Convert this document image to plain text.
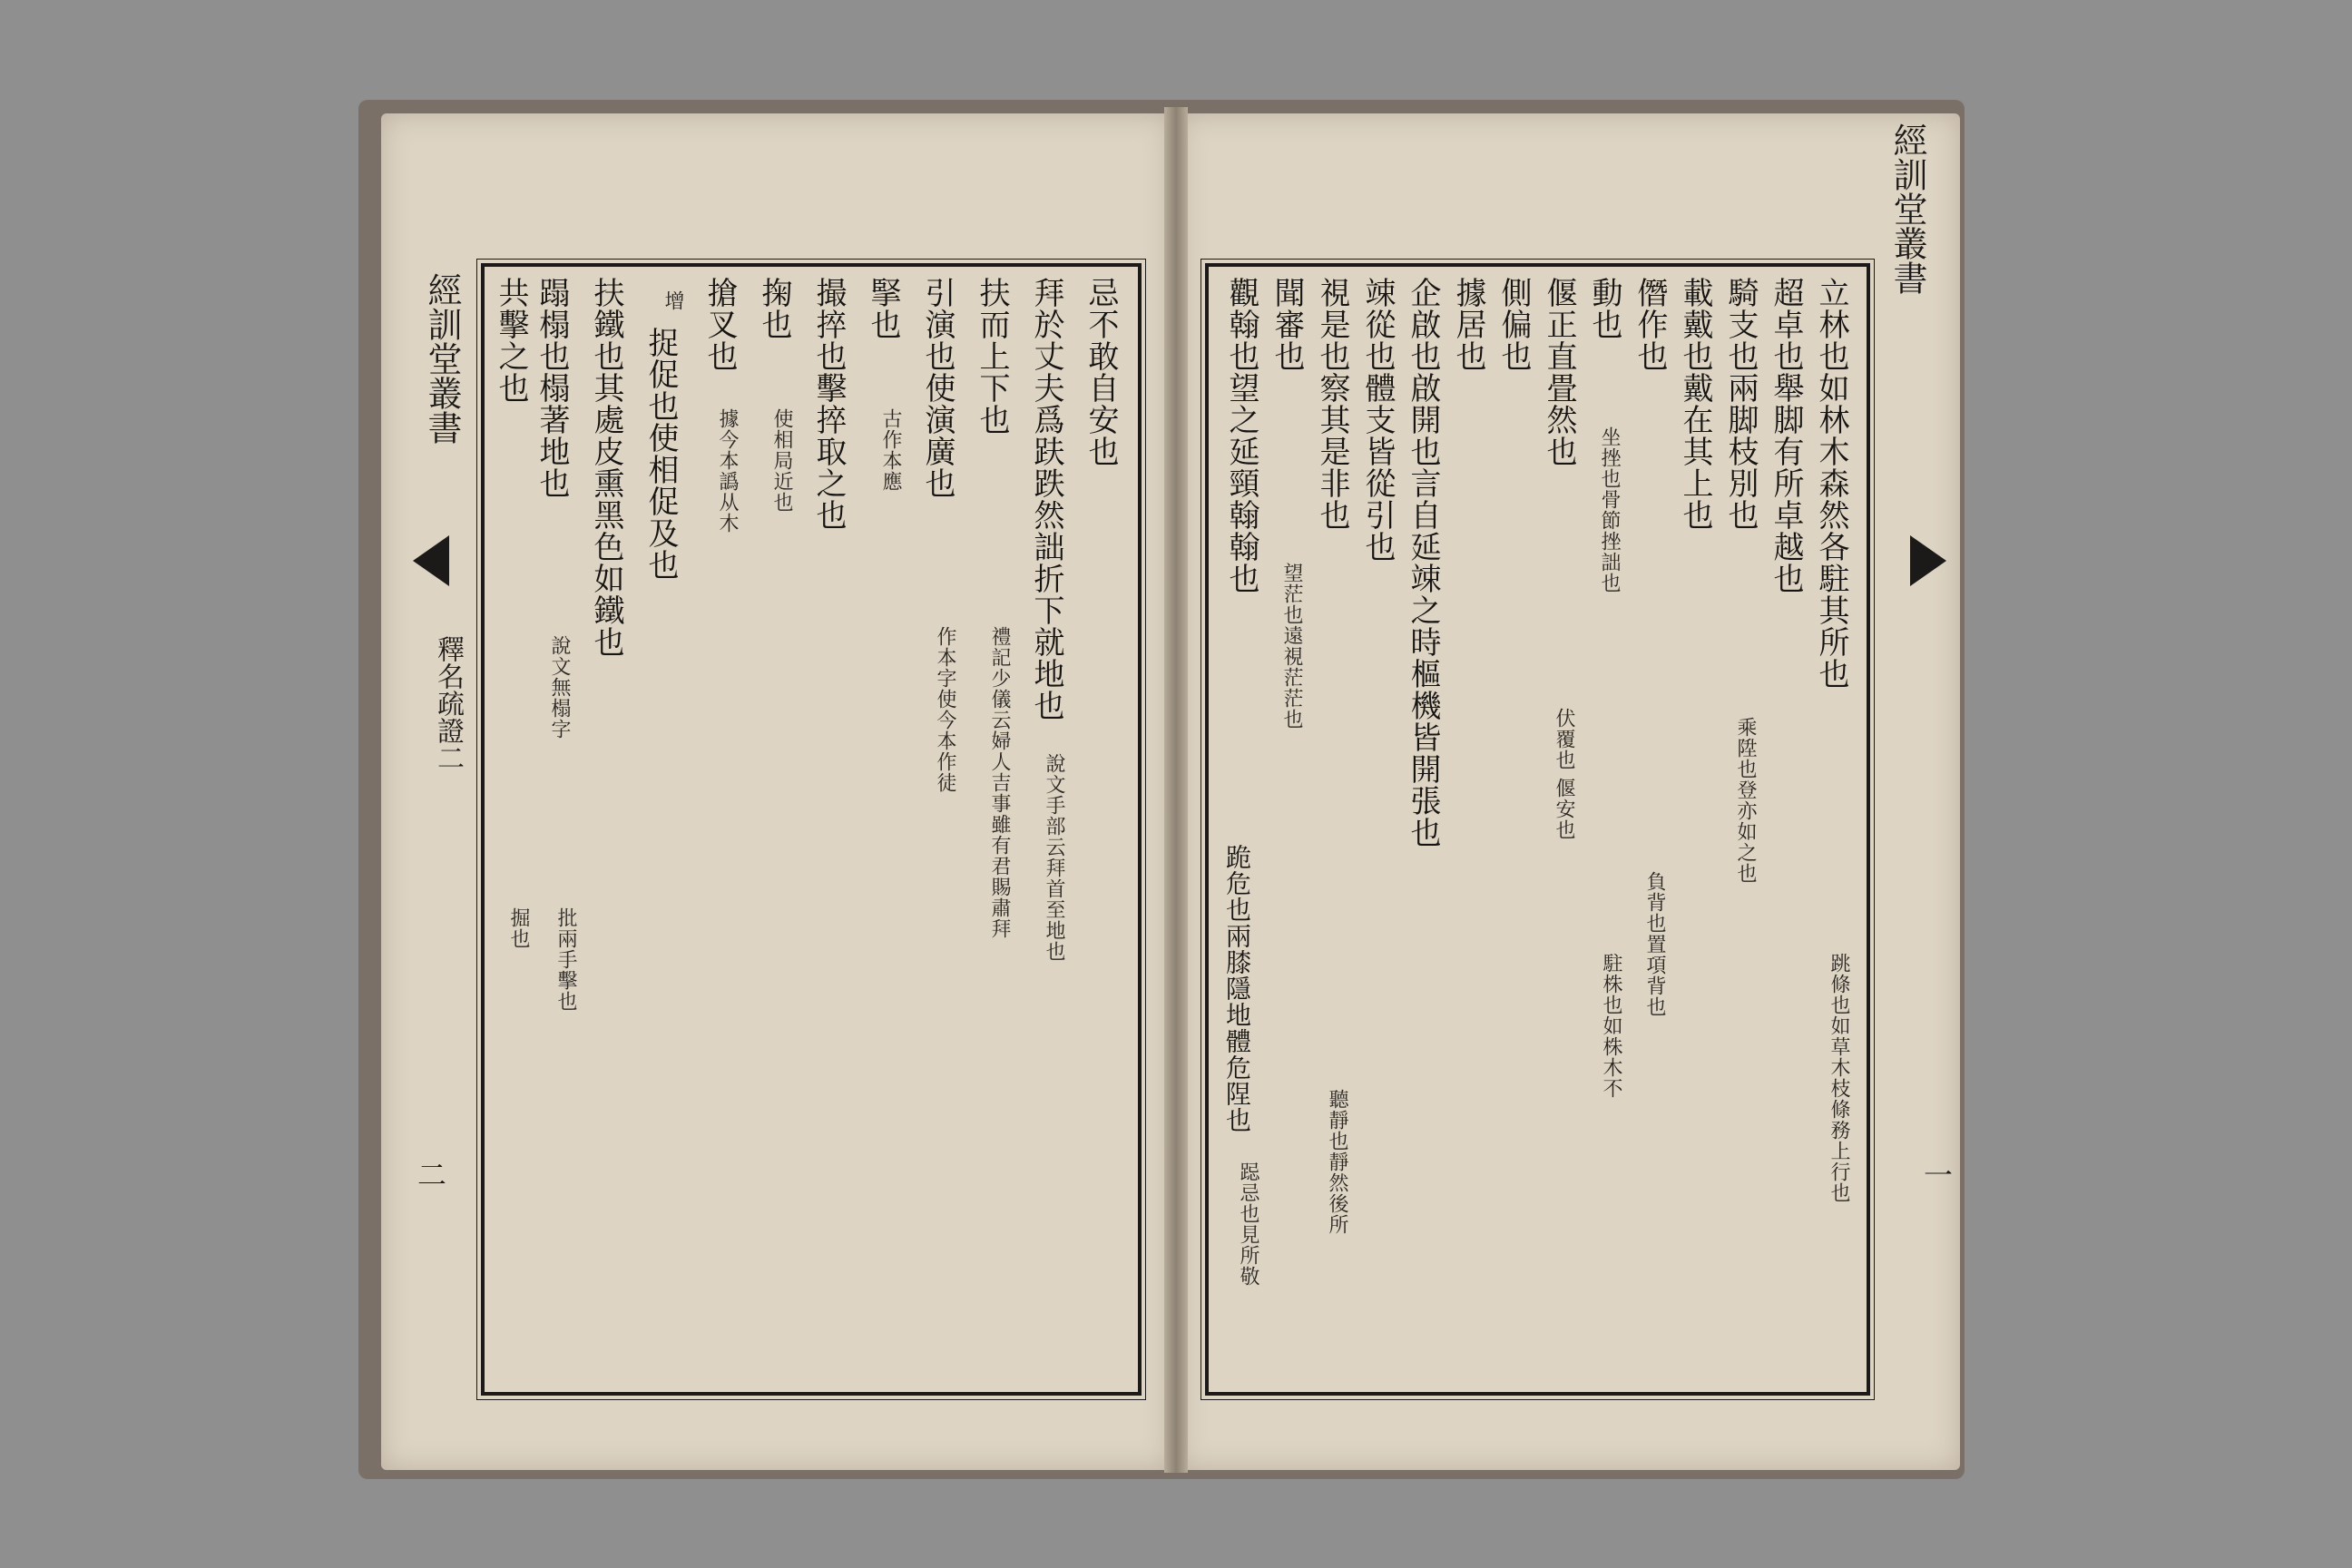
經訓堂叢書
釋名疏證二
二
經訓堂叢書
一
忌不敢自安也
拜於丈夫爲趺跌然詘折下就地也
扶而上下也
禮記少儀云婦人吉事雖有君賜肅拜
引演也使演廣也
作本字使今本作徒
掔也
古作本應
撮捽也擊捽取之也
掬也
使相局近也
搶叉也
據今本譌从木
增
捉促也使相促及也
扶鐵也其處皮熏黑色如鐵也
蹋榻也榻著地也
說文無榻字
批兩手擊也
共擊之也
說文手部云拜首至地也
掘也
立林也如林木森然各駐其所也
跳條也如草木枝條務上行也
超卓也舉脚有所卓越也
騎支也兩脚枝別也
乘陞也登亦如之也
載戴也戴在其上也
僭作也
負背也置項背也
動也
坐挫也骨節挫詘也
駐株也如株木不
偃正直畳然也
伏覆也 偃安也
側偏也
據居也
企啟也啟開也言自延竦之時樞機皆開張也
竦從也體支皆從引也
視是也察其是非也
聽靜也靜然後所
聞審也
望茫也遠視茫茫也
觀翰也望之延頸翰翰也
跪危也兩膝隱地體危陧也
跽忌也見所敬
